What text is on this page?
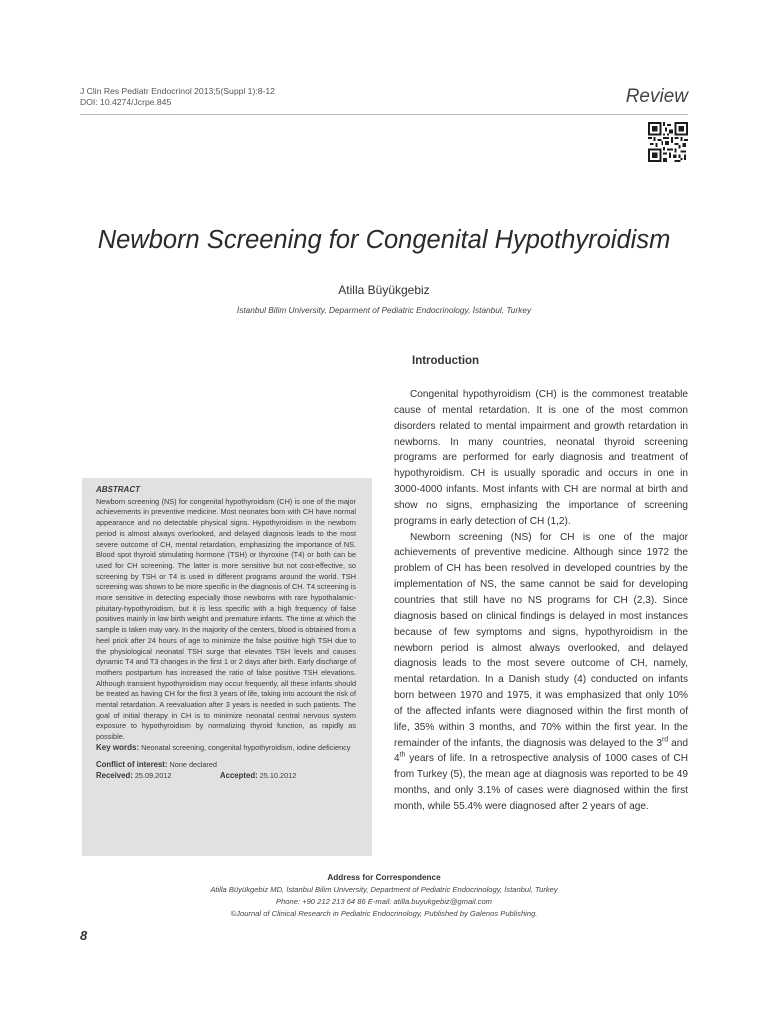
J Clin Res Pediatr Endocrinol 2013;5(Suppl 1):8-12
DOI: 10.4274/Jcrpe.845	Review
Newborn Screening for Congenital Hypothyroidism
Atilla Büyükgebiz
İstanbul Bilim University, Deparment of Pediatric Endocrinology, İstanbul, Turkey
ABSTRACT
Newborn screening (NS) for congenital hypothyroidism (CH) is one of the major achievements in preventive medicine. Most neonates born with CH have normal appearance and no detectable physical signs. Hypothyroidism in the newborn period is almost always overlooked, and delayed diagnosis leads to the most severe outcome of CH, mental retardation, emphasizing the importance of NS. Blood spot thyroid stimulating hormone (TSH) or thyroxine (T4) or both can be used for CH screening. The latter is more sensitive but not cost-effective, so screening by TSH or T4 is used in different programs around the world. TSH screening was shown to be more specific in the diagnosis of CH. T4 screening is more sensitive in detecting especially those newborns with rare hypothalamic-pituitary-hypothyroidism, but it is less specific with a high frequency of false positives mainly in low birth weight and premature infants. The time at which the sample is taken may vary. In the majority of the centers, blood is obtained from a heel prick after 24 hours of age to minimize the false positive high TSH due to the physiological neonatal TSH surge that elevates TSH levels and causes dynamic T4 and T3 changes in the first 1 or 2 days after birth. Early discharge of mothers postpartum has increased the ratio of false positive TSH elevations. Although transient hypothyroidism may occur frequently, all these infants should be treated as having CH for the first 3 years of life, taking into account the risk of mental retardation. A reevaluation after 3 years is needed in such patients. The goal of initial therapy in CH is to minimize neonatal central nervous system exposure to hypothyroidism by normalizing thyroid function, as rapidly as possible.
Key words: Neonatal screening, congenital hypothyroidism, iodine deficiency
Conflict of interest: None declared
Received: 25.09.2012	Accepted: 25.10.2012
Introduction

Congenital hypothyroidism (CH) is the commonest treatable cause of mental retardation. It is one of the most common disorders related to mental impairment and growth retardation in newborns. In many countries, neonatal thyroid screening programs are performed for early diagnosis and treatment of hypothyroidism. CH is usually sporadic and occurs in one in 3000-4000 infants. Most infants with CH are normal at birth and show no signs, emphasizing the importance of screening programs in early detection of CH (1,2).

Newborn screening (NS) for CH is one of the major achievements of preventive medicine. Although since 1972 the problem of CH has been resolved in developed countries by the implementation of NS, the same cannot be said for developing countries that still have no NS programs for CH (2,3). Since diagnosis based on clinical findings is delayed in most instances because of few symptoms and signs, hypothyroidism in the newborn period is almost always overlooked, and delayed diagnosis leads to the most severe outcome of CH, namely, mental retardation. In a Danish study (4) conducted on infants born between 1970 and 1975, it was emphasized that only 10% of the affected infants were diagnosed within the first month of life, 35% within 3 months, and 70% within the first year. In the remainder of the infants, the diagnosis was delayed to the 3rd and 4th years of life. In a retrospective analysis of 1000 cases of CH from Turkey (5), the mean age at diagnosis was reported to be 49 months, and only 3.1% of cases were diagnosed within the first month, while 55.4% were diagnosed after 2 years of age.

Address for Correspondence
Atilla Büyükgebiz MD, İstanbul Bilim University, Department of Pediatric Endocrinology, İstanbul, Turkey
Phone: +90 212 213 64 86 E-mail: atilla.buyukgebiz@gmail.com
©Journal of Clinical Research in Pediatric Endocrinology, Published by Galenos Publishing.
8
